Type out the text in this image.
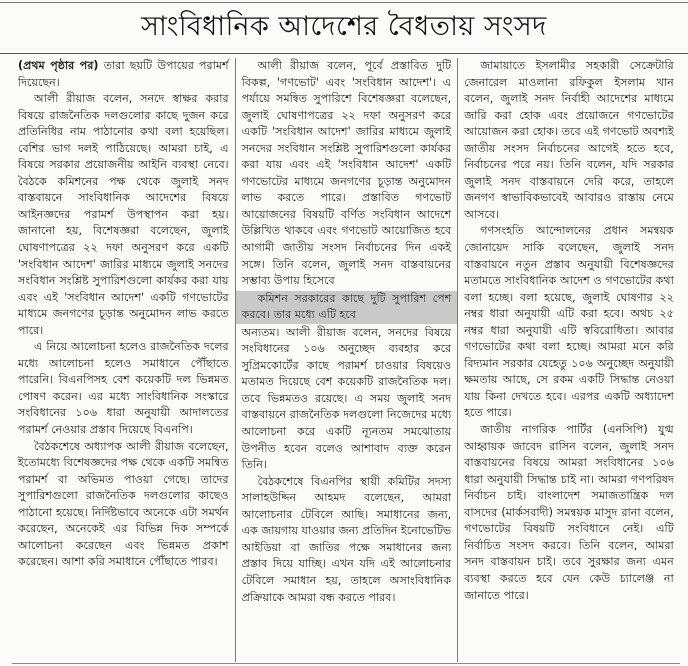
সাংবিধানিক আদেশের বৈধতায় সংসদ

(প্রথম পৃষ্ঠার পর) তারা ছয়টি উপায়ের পরামর্শ দিয়েছেন।

আলী রীয়াজ বলেন, সনদে স্বাক্ষর করার বিষয়ে রাজনৈতিক দলগুলোর কাছে দুজন করে প্রতিনিধির নাম পাঠানোর কথা বলা হয়েছিল। বেশির ভাগ দলই পাঠিয়েছে। আমরা চাই, এ বিষয়ে সরকার প্রয়োজনীয় আইনি ব্যবস্থা নেবে। বৈঠকে কমিশনের পক্ষ থেকে জুলাই সনদ বাস্তবায়নে সাংবিধানিক আদেশের বিষয়ে আইনজ্ঞদের পরামর্শ উপস্থাপন করা হয়। জানানো হয়, বিশেষজ্ঞরা বলেছেন, জুলাই ঘোষণাপত্রের ২২ দফা অনুসরণ করে একটি 'সংবিধান আদেশ' জারির মাধ্যমে জুলাই সনদের সংবিধান সংশ্লিষ্ট সুপারিশগুলো কার্যকর করা যায় এবং এই 'সংবিধান আদেশ' একটি গণভোটের মাধ্যমে জনগণের চূড়ান্ত অনুমোদন লাভ করতে পারে।

এ নিয়ে আলোচনা হলেও রাজনৈতিক দলের মধ্যে আলোচনা হলেও সমাধানে পৌঁছাতে পারেনি। বিএনপিসহ বেশ কয়েকটি দল ভিন্নমত পোষণ করেন। এর মধ্যে সাংবিধানিক সংস্কারে সংবিধানের ১০৬ ধারা অনুযায়ী আদালতের পরামর্শ নেওয়ার প্রস্তাব দিয়েছে বিএনপি।

বৈঠকশেষে অধ্যাপক আলী রীয়াজ বলেছেন, ইতোমধ্যে বিশেষজ্ঞদের পক্ষ থেকে একটি সমন্বিত পরামর্শ বা অভিমত পাওয়া গেছে। তাদের সুপারিশগুলো রাজনৈতিক দলগুলোর কাছেও পাঠানো হয়েছে। নির্দিষ্টভাবে অনেকে এটা সমর্থন করেছেন, অনেকেই এর বিভিন্ন দিক সম্পর্কে আলোচনা করেছেন এবং ভিন্নমত প্রকাশ করেছেন। আশা করি সমাধানে পৌঁছাতে পারব।

আলী রীয়াজ বলেন, পূর্বে প্রস্তাবিত দুটি বিকল্প, 'গণভোট' এবং 'সংবিধান আদেশ'। এ পর্যায়ে সমন্বিত সুপারিশে বিশেষজ্ঞরা বলেছেন, জুলাই ঘোষণাপত্রের ২২ দফা অনুসরণ করে একটি 'সংবিধান আদেশ' জারির মাধ্যমে জুলাই সনদের সংবিধান সংশ্লিষ্ট সুপারিশগুলো কার্যকর করা যায় এবং এই 'সংবিধান আদেশ' একটি গণভোটের মাধ্যমে জনগণের চূড়ান্ত অনুমোদন লাভ করতে পারে। প্রস্তাবিত গণভোট আয়োজনের বিষয়টি বর্ণিত সংবিধান আদেশে উল্লিখিত থাকবে এবং গণভোট আয়োজিত হবে আগামী জাতীয় সংসদ নির্বাচনের দিন একই সঙ্গে। তিনি বলেন, জুলাই সনদ বাস্তবায়নের সম্ভাব্য উপায় হিসেবে
কমিশন সরকারের কাছে দুটি সুপারিশ পেশ করবে। তার মধ্যে এটি হবে
অন্যতম। আলী রীয়াজ বলেন, সনদের বিষয়ে সংবিধানের ১০৬ অনুচ্ছেদ ব্যবহার করে সুপ্রিমকোর্টের কাছে পরামর্শ চাওয়ার বিষয়েও মতামত দিয়েছে বেশ কয়েকটি রাজনৈতিক দল। তবে ভিন্নমতও রয়েছে। এ সময় জুলাই সনদ বাস্তবায়নে রাজনৈতিক দলগুলো নিজেদের মধ্যে আলোচনা করে একটি ন্যূনতম সমঝোতায় উপনীত হবেন বলেও আশাবাদ ব্যক্ত করেন তিনি।

বৈঠকশেষে বিএনপির স্থায়ী কমিটির সদস্য সালাহউদ্দিন আহমদ বলেছেন, আমরা আলোচনার টেবিলে আছি। সমাধানের জন্য, এক জায়গায় যাওয়ার জন্য প্রতিদিন ইনোভেটিভ আইডিয়া বা জাতির পক্ষে সমাধানের জন্য প্রস্তাব দিয়ে যাচ্ছি। এখন যদি এই আলোচনার টেবিলে সমাধান হয়, তাহলে অসাংবিধানিক প্রক্রিয়াকে আমরা বন্ধ করতে পারব।

জামায়াতে ইসলামীর সহকারী সেক্রেটারি জেনারেল মাওলানা রফিকুল ইসলাম খান বলেন, জুলাই সনদ নির্বাহী আদেশের মাধ্যমে জারি করা হোক এবং প্রয়োজনে গণভোটের আয়োজন করা হোক। তবে এই গণভোট অবশ্যই জাতীয় সংসদ নির্বাচনের আগেই হতে হবে, নির্বাচনের পরে নয়। তিনি বলেন, যদি সরকার জুলাই সনদ বাস্তবায়নে দেরি করে, তাহলে জনগণ স্বাভাবিকভাবেই আবারও রাস্তায় নেমে আসবে।

গণসংহতি আন্দোলনের প্রধান সমন্বয়ক জোনায়েদ সাকি বলেছেন, জুলাই সনদ বাস্তবায়নে নতুন প্রস্তাব অনুযায়ী বিশেষজ্ঞদের মতামতে সাংবিধানিক আদেশ ও গণভোটের কথা বলা হচ্ছে। বলা হয়েছে, জুলাই ঘোষণার ২২ নম্বর ধারা অনুযায়ী এটি করা হবে। অথচ ২৫ নম্বর ধারা অনুযায়ী এটি স্ববিরোধিতা। আবার গণভোটের কথা বলা হচ্ছে। আমরা মনে করি বিদ্যমান সরকার যেহেতু ১০৬ অনুচ্ছেদ অনুযায়ী ক্ষমতায় আছে, সে রকম একটি সিদ্ধান্ত নেওয়া যায় কিনা দেখতে হবে। এরপর একটি অধ্যাদেশ হতে পারে।

জাতীয় নাগরিক পার্টির (এনসিপি) যুগ্ম আহ্বায়ক জাবেদ রাসিন বলেন, জুলাই সনদ বাস্তবায়নের বিষয়ে আমরা সংবিধানের ১০৬ ধারা অনুযায়ী সিদ্ধান্ত চাই না। আমরা গণপরিষদ নির্বাচন চাই। বাংলাদেশ সমাজতান্ত্রিক দল বাসদের (মার্কসবাদী) সমন্বয়ক মাসুদ রানা বলেন, গণভোটের বিষয়টি সংবিধানে নেই। এটি নির্বাচিত সংসদ করবে। তিনি বলেন, আমরা সনদ বাস্তবায়ন চাই। তবে সুরক্ষার জন্য এমন ব্যবস্থা করতে হবে যেন কেউ চ্যালেঞ্জ না জানাতে পারে।
